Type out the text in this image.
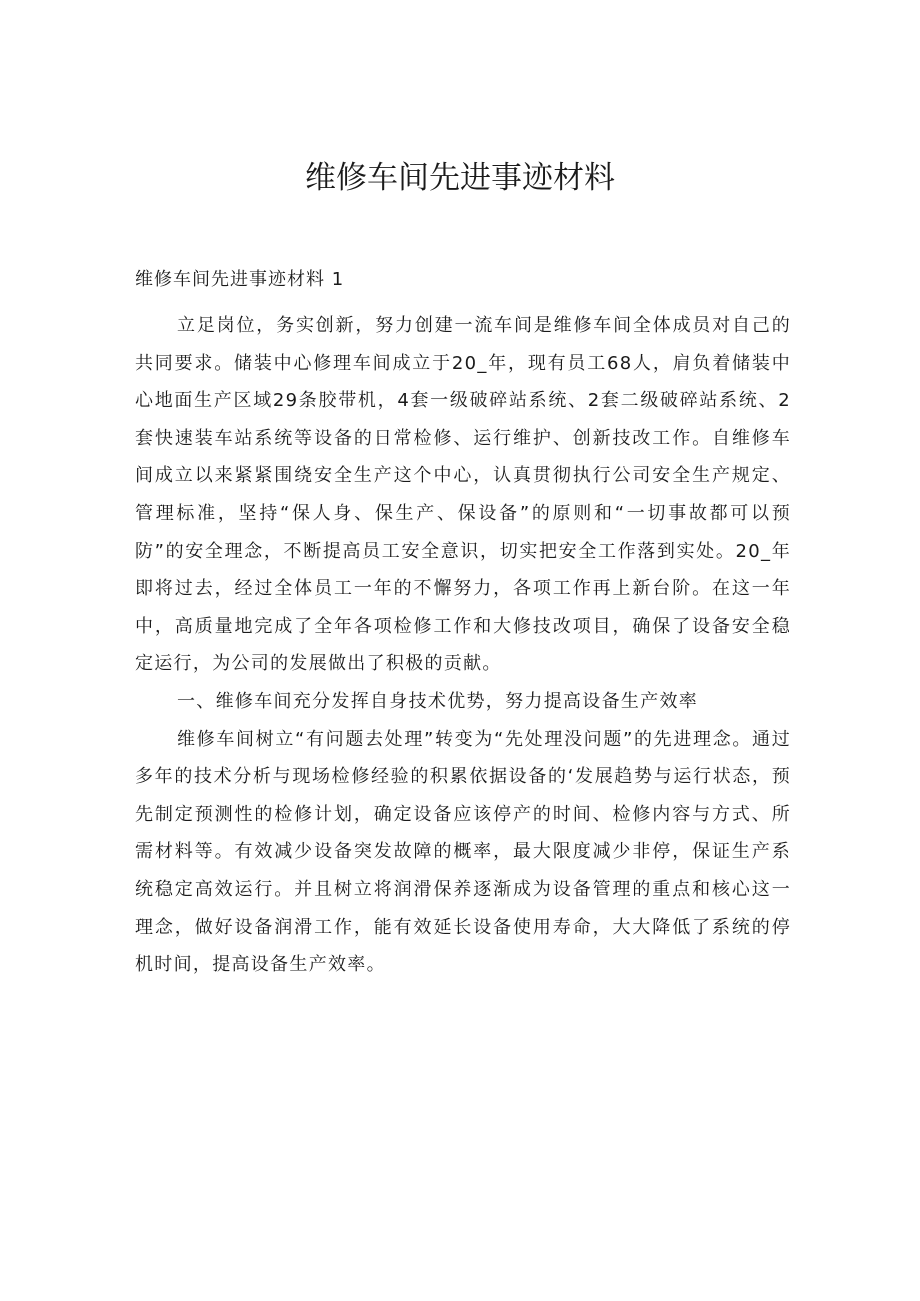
维修车间先进事迹材料

维修车间先进事迹材料 1

立足岗位，务实创新，努力创建一流车间是维修车间全体成员对自己的共同要求。储装中心修理车间成立于20_年，现有员工68人，肩负着储装中心地面生产区域29条胶带机，4套一级破碎站系统、2套二级破碎站系统、2套快速装车站系统等设备的日常检修、运行维护、创新技改工作。自维修车间成立以来紧紧围绕安全生产这个中心，认真贯彻执行公司安全生产规定、管理标准，坚持“保人身、保生产、保设备”的原则和“一切事故都可以预防”的安全理念，不断提高员工安全意识，切实把安全工作落到实处。20_年即将过去，经过全体员工一年的不懈努力，各项工作再上新台阶。在这一年中，高质量地完成了全年各项检修工作和大修技改项目，确保了设备安全稳定运行，为公司的发展做出了积极的贡献。

一、维修车间充分发挥自身技术优势，努力提高设备生产效率

维修车间树立“有问题去处理”转变为“先处理没问题”的先进理念。通过多年的技术分析与现场检修经验的积累依据设备的‘发展趋势与运行状态，预先制定预测性的检修计划，确定设备应该停产的时间、检修内容与方式、所需材料等。有效减少设备突发故障的概率，最大限度减少非停，保证生产系统稳定高效运行。并且树立将润滑保养逐渐成为设备管理的重点和核心这一理念，做好设备润滑工作，能有效延长设备使用寿命，大大降低了系统的停机时间，提高设备生产效率。
